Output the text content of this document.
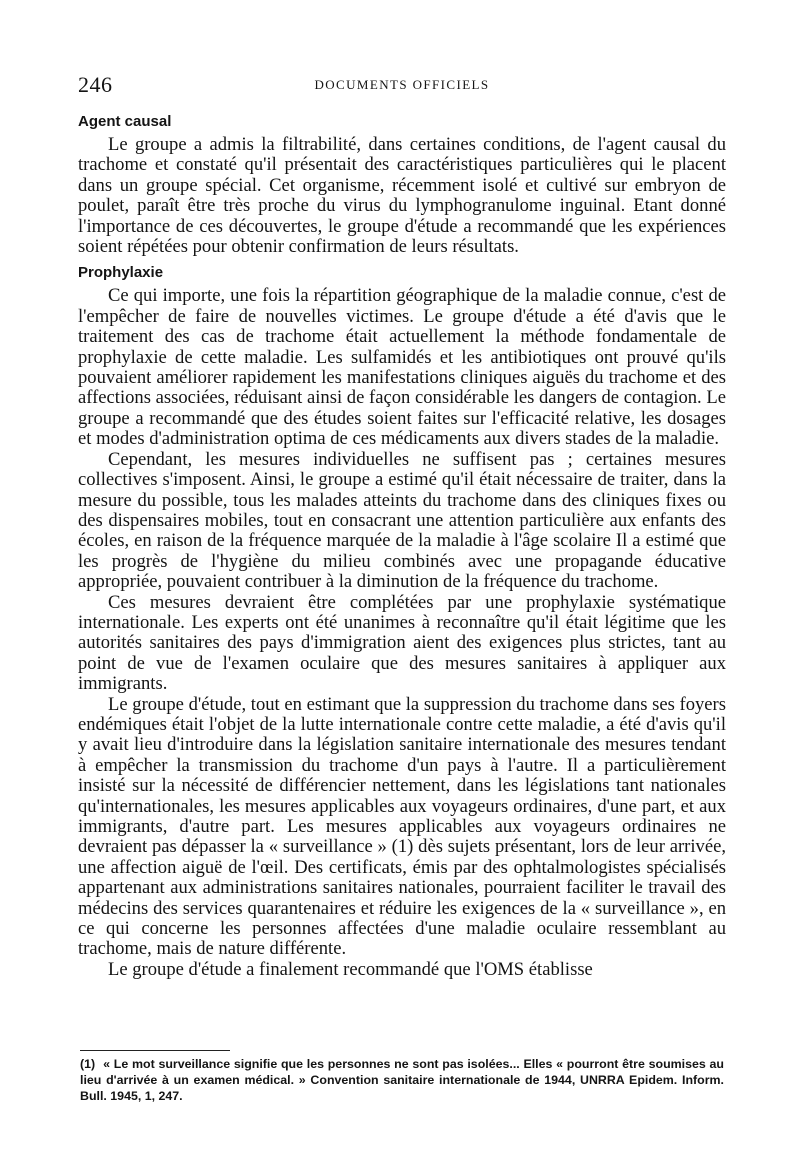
246	DOCUMENTS OFFICIELS
Agent causal

Le groupe a admis la filtrabilité, dans certaines conditions, de l'agent causal du trachome et constaté qu'il présentait des caractéristiques particulières qui le placent dans un groupe spécial. Cet organisme, récemment isolé et cultivé sur embryon de poulet, paraît être très proche du virus du lymphogranulome inguinal. Etant donné l'importance de ces découvertes, le groupe d'étude a recommandé que les expériences soient répétées pour obtenir confirmation de leurs résultats.

Prophylaxie

Ce qui importe, une fois la répartition géographique de la maladie connue, c'est de l'empêcher de faire de nouvelles victimes. Le groupe d'étude a été d'avis que le traitement des cas de trachome était actuellement la méthode fondamentale de prophylaxie de cette maladie. Les sulfamidés et les antibiotiques ont prouvé qu'ils pouvaient améliorer rapidement les manifestations cliniques aiguës du trachome et des affections associées, réduisant ainsi de façon considérable les dangers de contagion. Le groupe a recommandé que des études soient faites sur l'efficacité relative, les dosages et modes d'administration optima de ces médicaments aux divers stades de la maladie.

Cependant, les mesures individuelles ne suffisent pas ; certaines mesures collectives s'imposent. Ainsi, le groupe a estimé qu'il était nécessaire de traiter, dans la mesure du possible, tous les malades atteints du trachome dans des cliniques fixes ou des dispensaires mobiles, tout en consacrant une attention particulière aux enfants des écoles, en raison de la fréquence marquée de la maladie à l'âge scolaire Il a estimé que les progrès de l'hygiène du milieu combinés avec une propagande éducative appropriée, pouvaient contribuer à la diminution de la fréquence du trachome.

Ces mesures devraient être complétées par une prophylaxie systématique internationale. Les experts ont été unanimes à reconnaître qu'il était légitime que les autorités sanitaires des pays d'immigration aient des exigences plus strictes, tant au point de vue de l'examen oculaire que des mesures sanitaires à appliquer aux immigrants.

Le groupe d'étude, tout en estimant que la suppression du trachome dans ses foyers endémiques était l'objet de la lutte internationale contre cette maladie, a été d'avis qu'il y avait lieu d'introduire dans la législation sanitaire internationale des mesures tendant à empêcher la transmission du trachome d'un pays à l'autre. Il a particulièrement insisté sur la nécessité de différencier nettement, dans les législations tant nationales qu'internationales, les mesures applicables aux voyageurs ordinaires, d'une part, et aux immigrants, d'autre part. Les mesures applicables aux voyageurs ordinaires ne devraient pas dépasser la « surveillance » (1) dès sujets présentant, lors de leur arrivée, une affection aiguë de l'œil. Des certificats, émis par des ophtalmologistes spécialisés appartenant aux administrations sanitaires nationales, pourraient faciliter le travail des médecins des services quarantenaires et réduire les exigences de la « surveillance », en ce qui concerne les personnes affectées d'une maladie oculaire ressemblant au trachome, mais de nature différente.

Le groupe d'étude a finalement recommandé que l'OMS établisse

(1) « Le mot surveillance signifie que les personnes ne sont pas isolées... Elles « pourront être soumises au lieu d'arrivée à un examen médical. » Convention sanitaire internationale de 1944, UNRRA Epidem. Inform. Bull. 1945, 1, 247.
